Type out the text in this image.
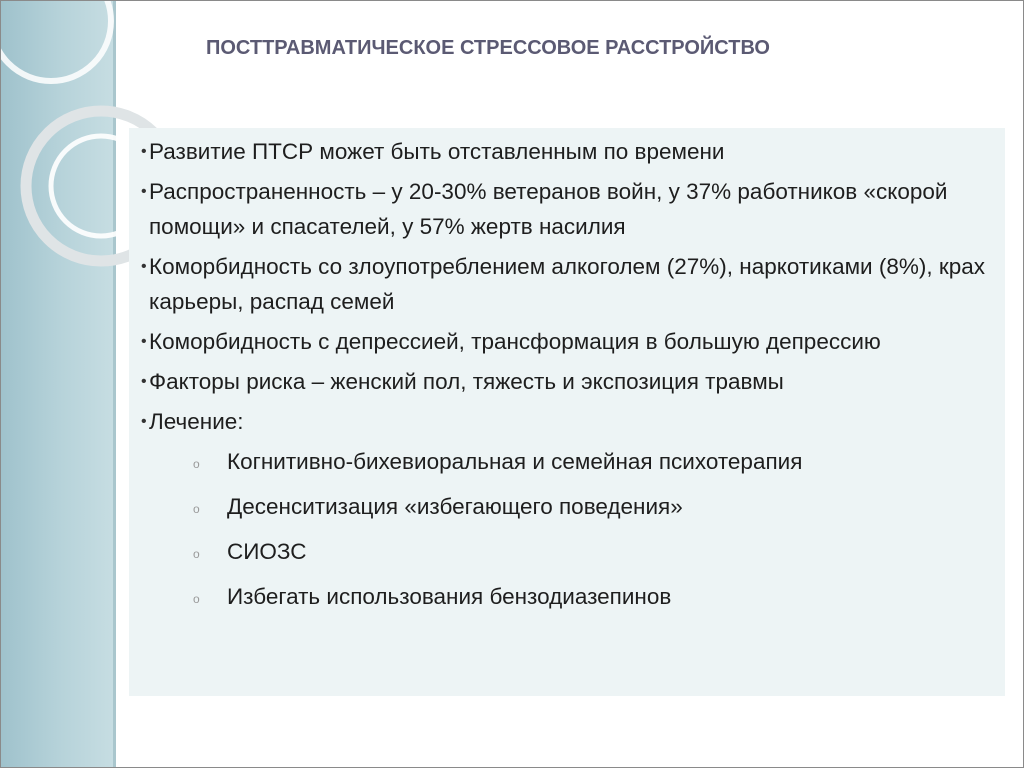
ПОСТТРАВМАТИЧЕСКОЕ СТРЕССОВОЕ РАССТРОЙСТВО
• Развитие ПТСР может быть отставленным по времени
• Распространенность – у 20-30% ветеранов войн, у 37% работников «скорой помощи» и спасателей, у 57% жертв насилия
• Коморбидность со злоупотреблением алкоголем (27%), наркотиками (8%), крах карьеры, распад семей
• Коморбидность с депрессией, трансформация в большую депрессию
• Факторы риска – женский пол, тяжесть и экспозиция травмы
• Лечение:
o	Когнитивно-бихевиоральная и семейная психотерапия
o	Десенситизация «избегающего поведения»
o	СИОЗС
o	Избегать использования бензодиазепинов
